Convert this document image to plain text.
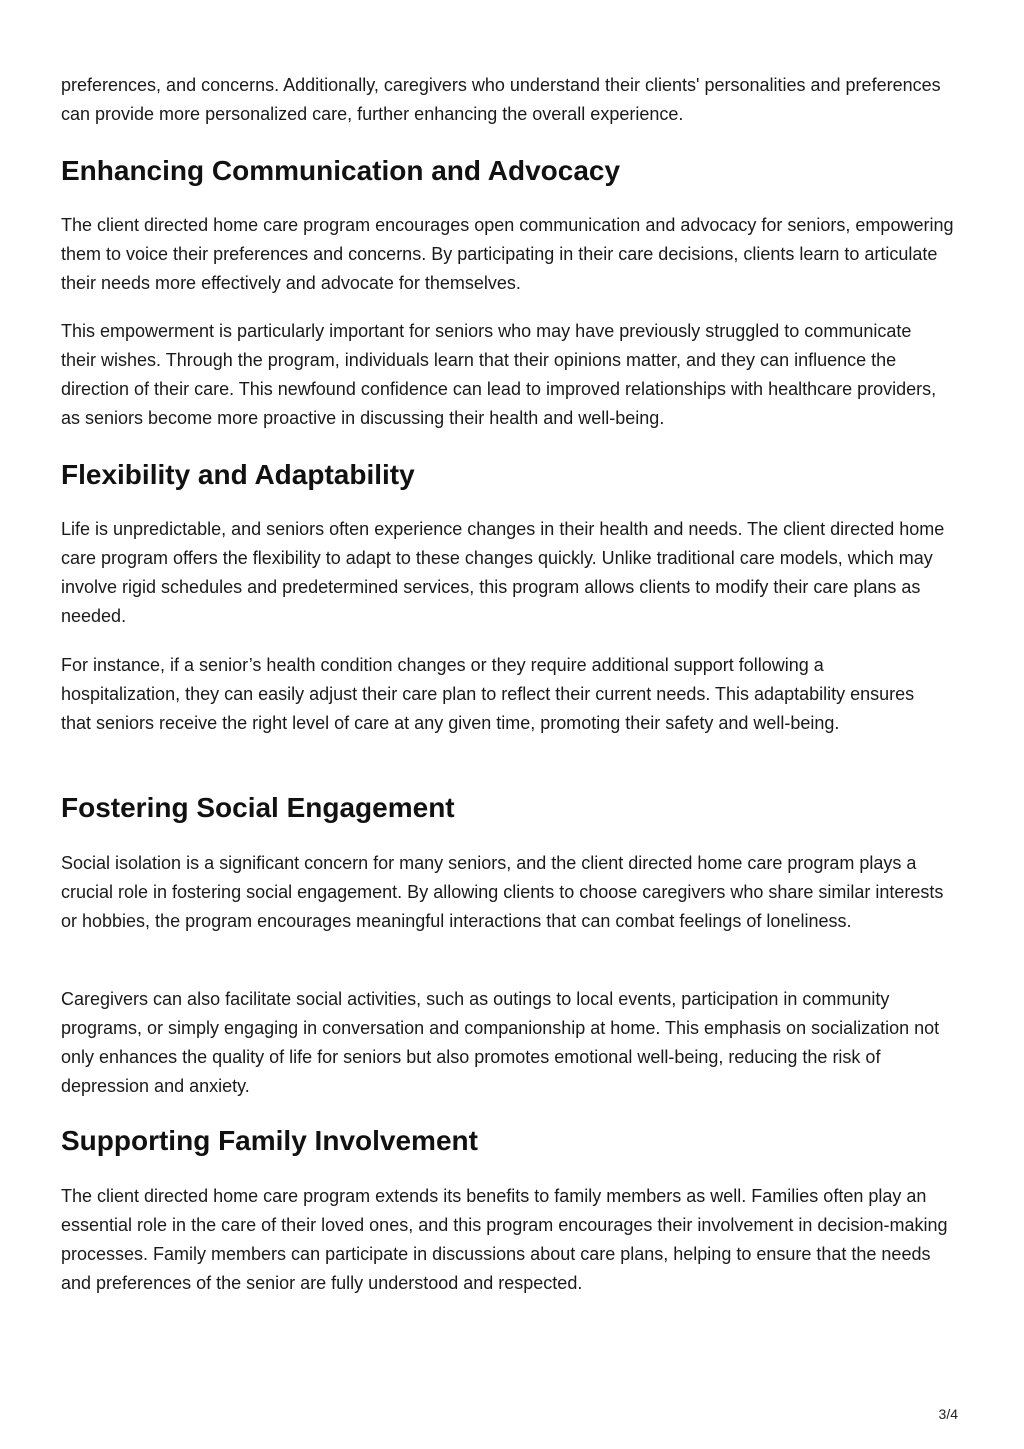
preferences, and concerns. Additionally, caregivers who understand their clients' personalities and preferences can provide more personalized care, further enhancing the overall experience.

Enhancing Communication and Advocacy

The client directed home care program encourages open communication and advocacy for seniors, empowering them to voice their preferences and concerns. By participating in their care decisions, clients learn to articulate their needs more effectively and advocate for themselves.

This empowerment is particularly important for seniors who may have previously struggled to communicate their wishes. Through the program, individuals learn that their opinions matter, and they can influence the direction of their care. This newfound confidence can lead to improved relationships with healthcare providers, as seniors become more proactive in discussing their health and well-being.

Flexibility and Adaptability

Life is unpredictable, and seniors often experience changes in their health and needs. The client directed home care program offers the flexibility to adapt to these changes quickly. Unlike traditional care models, which may involve rigid schedules and predetermined services, this program allows clients to modify their care plans as needed.

For instance, if a senior’s health condition changes or they require additional support following a hospitalization, they can easily adjust their care plan to reflect their current needs. This adaptability ensures that seniors receive the right level of care at any given time, promoting their safety and well-being.

Fostering Social Engagement

Social isolation is a significant concern for many seniors, and the client directed home care program plays a crucial role in fostering social engagement. By allowing clients to choose caregivers who share similar interests or hobbies, the program encourages meaningful interactions that can combat feelings of loneliness.

Caregivers can also facilitate social activities, such as outings to local events, participation in community programs, or simply engaging in conversation and companionship at home. This emphasis on socialization not only enhances the quality of life for seniors but also promotes emotional well-being, reducing the risk of depression and anxiety.

Supporting Family Involvement

The client directed home care program extends its benefits to family members as well. Families often play an essential role in the care of their loved ones, and this program encourages their involvement in decision-making processes. Family members can participate in discussions about care plans, helping to ensure that the needs and preferences of the senior are fully understood and respected.

3/4
